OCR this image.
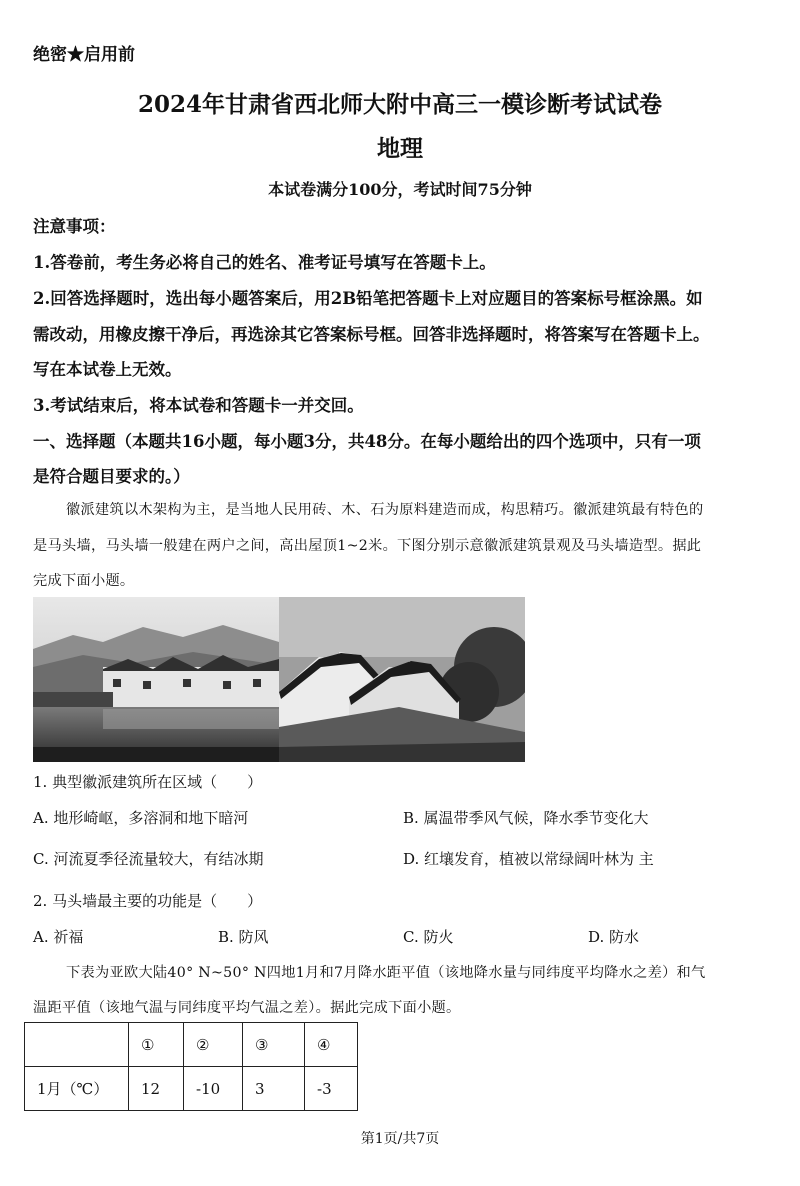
绝密★启用前
2024年甘肃省西北师大附中高三一模诊断考试试卷
地理
本试卷满分100分，考试时间75分钟
注意事项：
1.答卷前，考生务必将自己的姓名、准考证号填写在答题卡上。
2.回答选择题时，选出每小题答案后，用2B铅笔把答题卡上对应题目的答案标号框涂黑。如
需改动，用橡皮擦干净后，再选涂其它答案标号框。回答非选择题时，将答案写在答题卡上。
写在本试卷上无效。
3.考试结束后，将本试卷和答题卡一并交回。
一、选择题（本题共16小题，每小题3分，共48分。在每小题给出的四个选项中，只有一项
是符合题目要求的。）
徽派建筑以木架构为主，是当地人民用砖、木、石为原料建造而成，构思精巧。徽派建筑最有特色的
是马头墙，马头墙一般建在两户之间，高出屋顶1~2米。下图分别示意徽派建筑景观及马头墙造型。据此
完成下面小题。
1. 典型徽派建筑所在区域（　　）
A. 地形崎岖，多溶洞和地下暗河	B. 属温带季风气候，降水季节变化大
C. 河流夏季径流量较大，有结冰期	D. 红壤发育，植被以常绿阔叶林为 主
2. 马头墙最主要的功能是（　　）
A. 祈福	B. 防风	C. 防火	D. 防水
下表为亚欧大陆40° N~50° N四地1月和7月降水距平值（该地降水量与同纬度平均降水之差）和气
温距平值（该地气温与同纬度平均气温之差）。据此完成下面小题。
	①	②	③	④
1月（℃）	12	-10	3	-3
第1页/共7页
